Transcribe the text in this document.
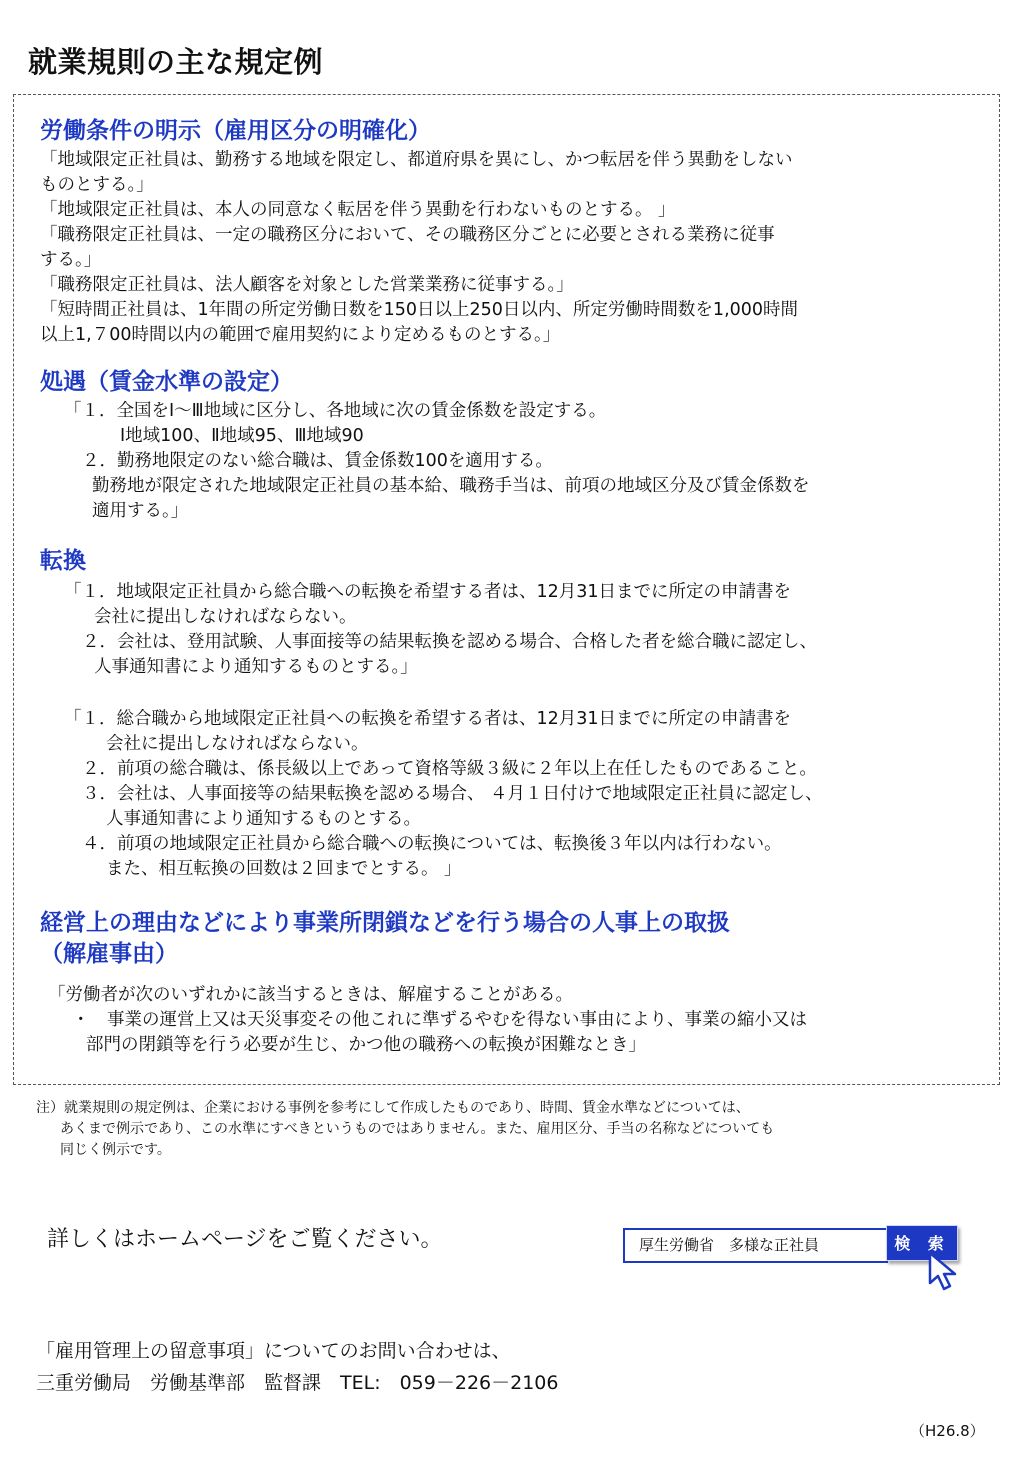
就業規則の主な規定例
労働条件の明示（雇用区分の明確化）

「地域限定正社員は、勤務する地域を限定し、都道府県を異にし、かつ転居を伴う異動をしない

ものとする。」

「地域限定正社員は、本人の同意なく転居を伴う異動を行わないものとする。 」

「職務限定正社員は、一定の職務区分において、その職務区分ごとに必要とされる業務に従事

する。」

「職務限定正社員は、法人顧客を対象とした営業業務に従事する。」

「短時間正社員は、1年間の所定労働日数を150日以上250日以内、所定労働時間数を1,000時間

以上1,７00時間以内の範囲で雇用契約により定めるものとする。」

処遇（賃金水準の設定）

「１．全国をⅠ～Ⅲ地域に区分し、各地域に次の賃金係数を設定する。

Ⅰ地域100、Ⅱ地域95、Ⅲ地域90

２．勤務地限定のない総合職は、賃金係数100を適用する。

勤務地が限定された地域限定正社員の基本給、職務手当は、前項の地域区分及び賃金係数を

適用する。」

転換

「１．地域限定正社員から総合職への転換を希望する者は、12月31日までに所定の申請書を

会社に提出しなければならない。

２．会社は、登用試験、人事面接等の結果転換を認める場合、合格した者を総合職に認定し、

人事通知書により通知するものとする。」

「１．総合職から地域限定正社員への転換を希望する者は、12月31日までに所定の申請書を

会社に提出しなければならない。

２．前項の総合職は、係長級以上であって資格等級３級に２年以上在任したものであること。

３．会社は、人事面接等の結果転換を認める場合、 ４月１日付けで地域限定正社員に認定し、

人事通知書により通知するものとする。

４．前項の地域限定正社員から総合職への転換については、転換後３年以内は行わない。

また、相互転換の回数は２回までとする。 」

経営上の理由などにより事業所閉鎖などを行う場合の人事上の取扱
（解雇事由）

「労働者が次のいずれかに該当するときは、解雇することがある。

・　事業の運営上又は天災事変その他これに準ずるやむを得ない事由により、事業の縮小又は

部門の閉鎖等を行う必要が生じ、かつ他の職務への転換が困難なとき」

注）就業規則の規定例は、企業における事例を参考にして作成したものであり、時間、賃金水準などについては、

あくまで例示であり、この水準にすべきというものではありません。また、雇用区分、手当の名称などについても

同じく例示です。

詳しくはホームページをご覧ください。	厚生労働省　多様な正社員	検 索

「雇用管理上の留意事項」についてのお問い合わせは、

三重労働局　労働基準部　監督課　TEL:　059－226－2106

（H26.8）
